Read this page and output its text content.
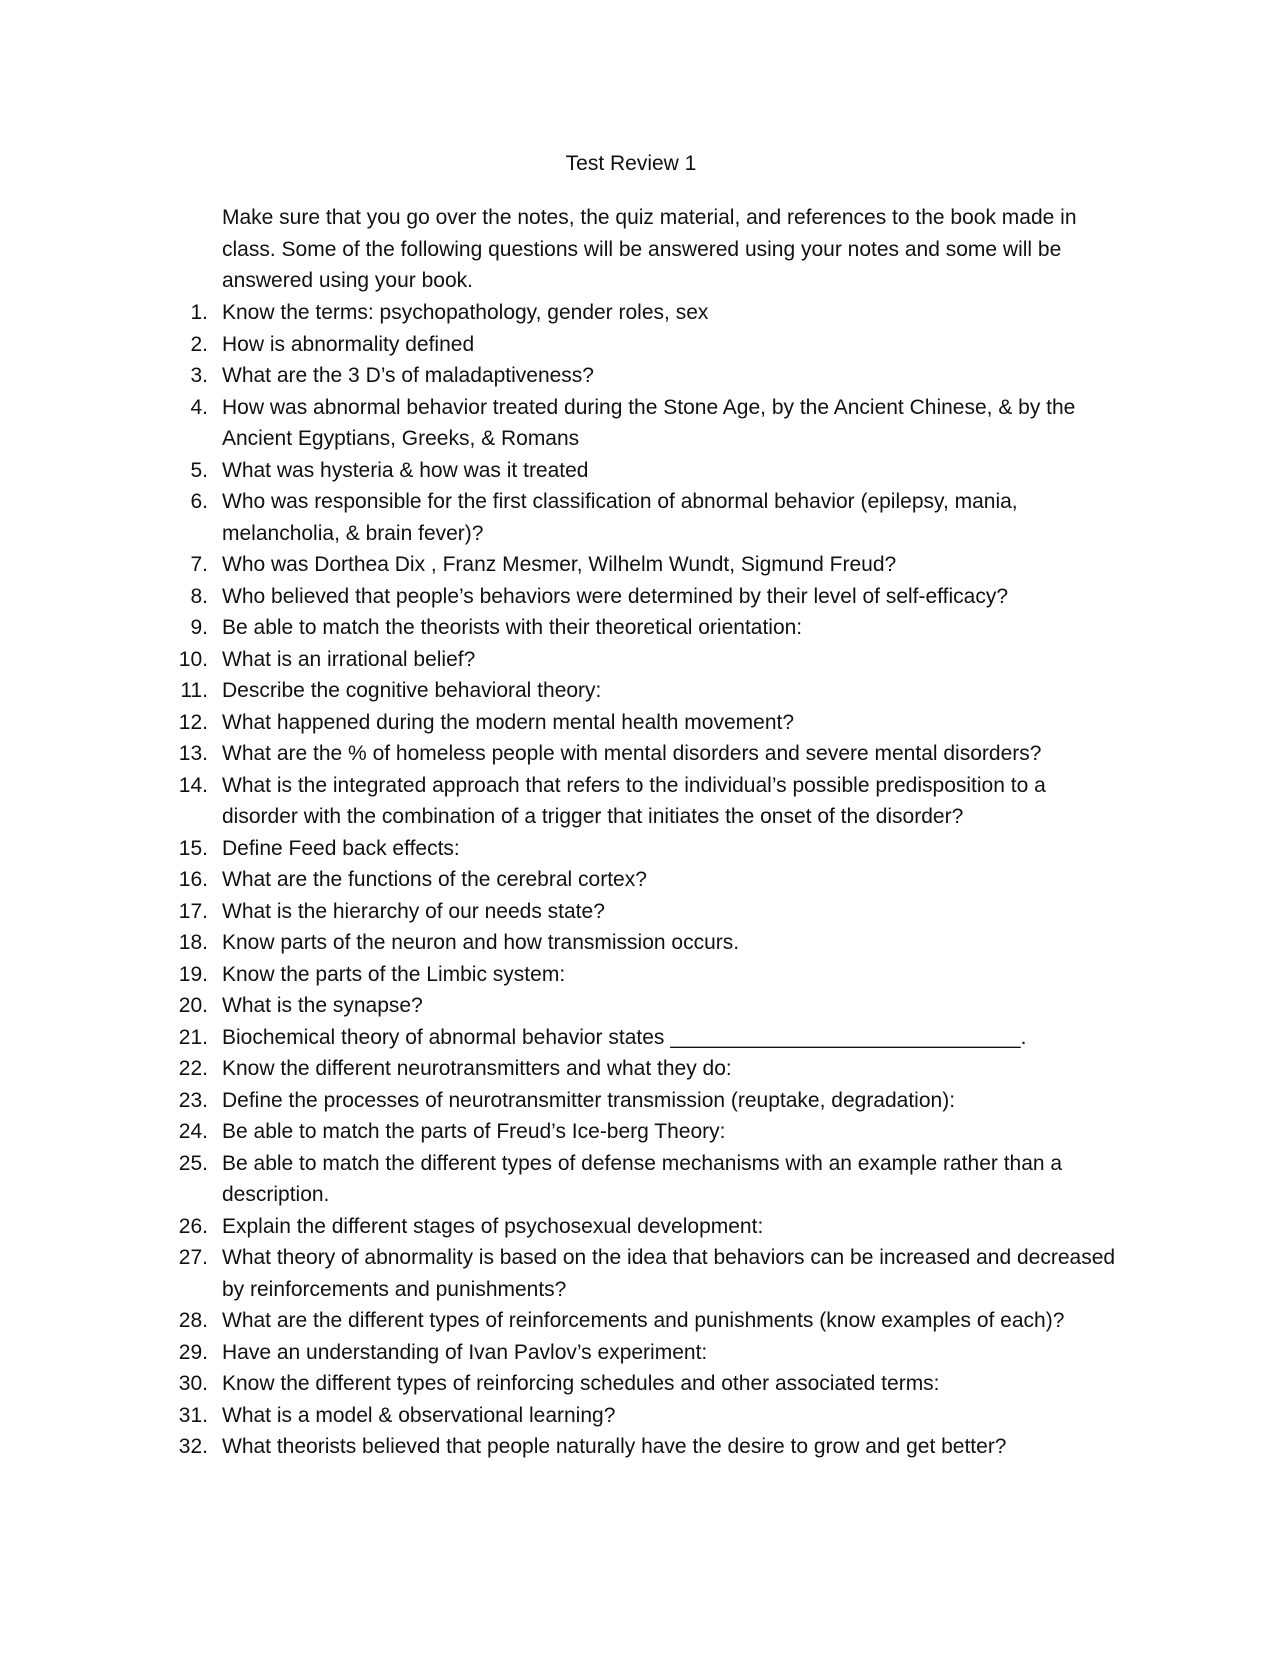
Test Review 1
Make sure that you go over the notes, the quiz material, and references to the book made in class. Some of the following questions will be answered using your notes and some will be answered using your book.
1. Know the terms: psychopathology, gender roles, sex
2. How is abnormality defined
3. What are the 3 D’s of maladaptiveness?
4. How was abnormal behavior treated during the Stone Age, by the Ancient Chinese, & by the Ancient Egyptians, Greeks, & Romans
5. What was hysteria & how was it treated
6. Who was responsible for the first classification of abnormal behavior (epilepsy, mania, melancholia, & brain fever)?
7. Who was Dorthea Dix , Franz Mesmer, Wilhelm Wundt, Sigmund Freud?
8. Who believed that people’s behaviors were determined by their level of self-efficacy?
9. Be able to match the theorists with their theoretical orientation:
10. What is an irrational belief?
11. Describe the cognitive behavioral theory:
12. What happened during the modern mental health movement?
13. What are the % of homeless people with mental disorders and severe mental disorders?
14. What is the integrated approach that refers to the individual’s possible predisposition to a disorder with the combination of a trigger that initiates the onset of the disorder?
15. Define Feed back effects:
16. What are the functions of the cerebral cortex?
17. What is the hierarchy of our needs state?
18. Know parts of the neuron and how transmission occurs.
19. Know the parts of the Limbic system:
20. What is the synapse?
21. Biochemical theory of abnormal behavior states ______________________________.
22. Know the different neurotransmitters and what they do:
23. Define the processes of neurotransmitter transmission (reuptake, degradation):
24. Be able to match the parts of Freud’s Ice-berg Theory:
25. Be able to match the different types of defense mechanisms with an example rather than a description.
26. Explain the different stages of psychosexual development:
27. What theory of abnormality is based on the idea that behaviors can be increased and decreased by reinforcements and punishments?
28. What are the different types of reinforcements and punishments (know examples of each)?
29. Have an understanding of Ivan Pavlov’s experiment:
30. Know the different types of reinforcing schedules and other associated terms:
31. What is a model & observational learning?
32. What theorists believed that people naturally have the desire to grow and get better?
